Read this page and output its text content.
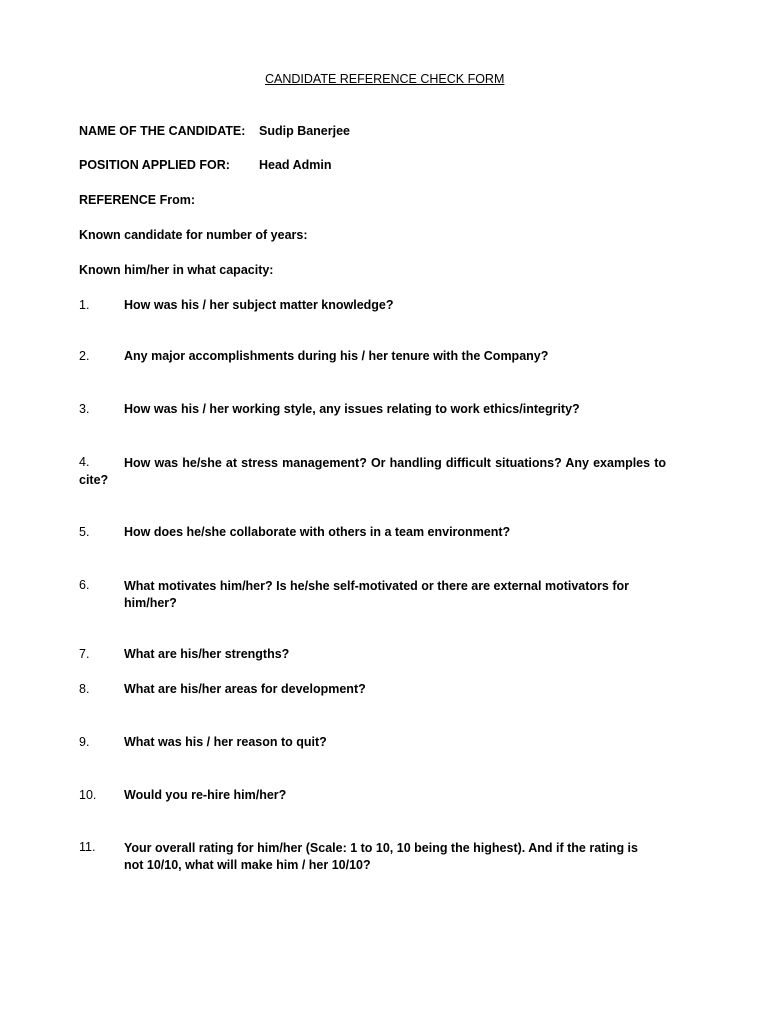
CANDIDATE REFERENCE CHECK FORM
NAME OF THE CANDIDATE: Sudip Banerjee
POSITION APPLIED FOR: Head Admin
REFERENCE From:
Known candidate for number of years:
Known him/her in what capacity:
1.	How was his / her subject matter knowledge?
2.	Any major accomplishments during his / her tenure with the Company?
3.	How was his / her working style, any issues relating to work ethics/integrity?
4.	How was he/she at stress management? Or handling difficult situations? Any examples to cite?
5.	How does he/she collaborate with others in a team environment?
6.	What motivates him/her? Is he/she self-motivated or there are external motivators for him/her?
7.	What are his/her strengths?
8.	What are his/her areas for development?
9.	What was his / her reason to quit?
10. Would you re-hire him/her?
11. Your overall rating for him/her (Scale: 1 to 10, 10 being the highest). And if the rating is not 10/10, what will make him / her 10/10?
